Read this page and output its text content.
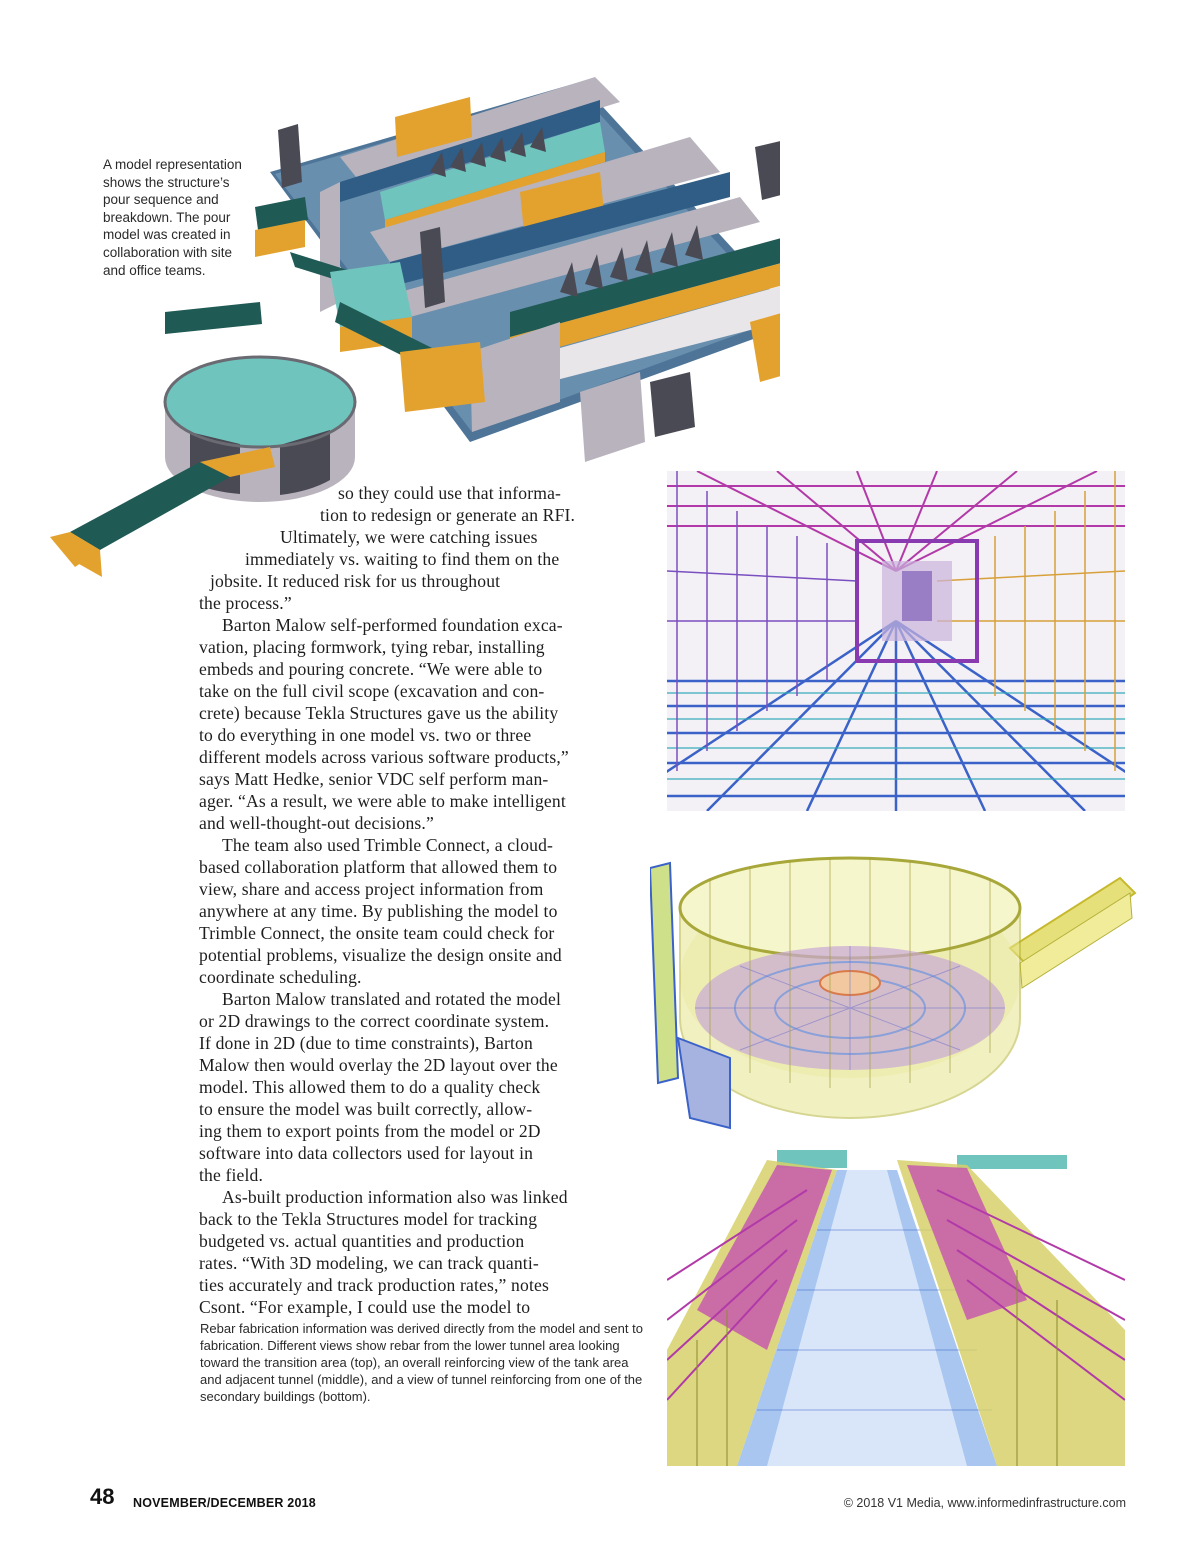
A model representation shows the structure’s pour sequence and breakdown. The pour model was created in collaboration with site and office teams.
so they could use that informa-
tion to redesign or generate an RFI.
Ultimately, we were catching issues
immediately vs. waiting to find them on the
jobsite. It reduced risk for us throughout
the process.”
Barton Malow self-performed foundation exca-
vation, placing formwork, tying rebar, installing
embeds and pouring concrete. “We were able to
take on the full civil scope (excavation and con-
crete) because Tekla Structures gave us the ability
to do everything in one model vs. two or three
different models across various software products,”
says Matt Hedke, senior VDC self perform man-
ager. “As a result, we were able to make intelligent
and well-thought-out decisions.”
The team also used Trimble Connect, a cloud-
based collaboration platform that allowed them to
view, share and access project information from
anywhere at any time. By publishing the model to
Trimble Connect, the onsite team could check for
potential problems, visualize the design onsite and
coordinate scheduling.
Barton Malow translated and rotated the model
or 2D drawings to the correct coordinate system.
If done in 2D (due to time constraints), Barton
Malow then would overlay the 2D layout over the
model. This allowed them to do a quality check
to ensure the model was built correctly, allow-
ing them to export points from the model or 2D
software into data collectors used for layout in
the field.
As-built production information also was linked
back to the Tekla Structures model for tracking
budgeted vs. actual quantities and production
rates. “With 3D modeling, we can track quanti-
ties accurately and track production rates,” notes
Csont. “For example, I could use the model to
Rebar fabrication information was derived directly from the model and sent to fabrication. Different views show rebar from the lower tunnel area looking toward the transition area (top), an overall reinforcing view of the tank area and adjacent tunnel (middle), and a view of tunnel reinforcing from one of the secondary buildings (bottom).
48 NOVEMBER/DECEMBER 2018	© 2018 V1 Media, www.informedinfrastructure.com
